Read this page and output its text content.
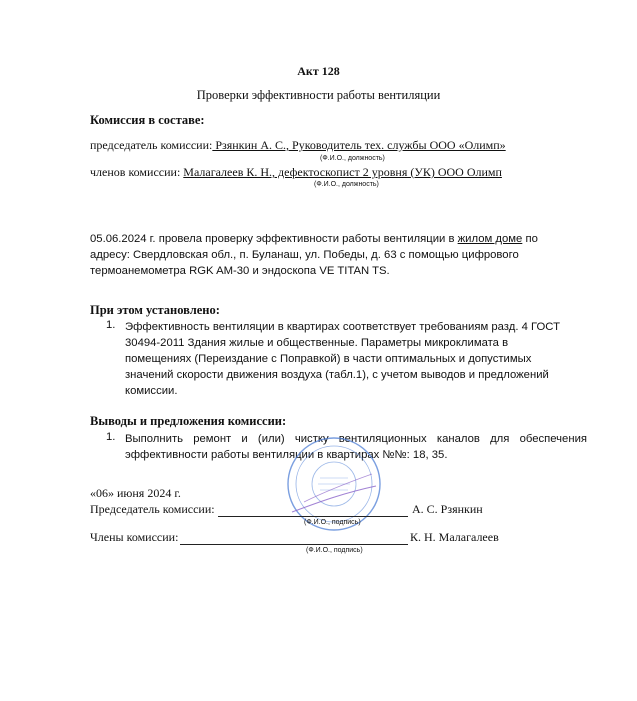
Акт 128
Проверки эффективности работы вентиляции
Комиссия в составе:
председатель комиссии: Рзянкин А. С., Руководитель тех. службы ООО «Олимп»
(Ф.И.О., должность)
членов комиссии: Малагалеев К. Н., дефектоскопист 2 уровня (УК) ООО Олимп
(Ф.И.О., должность)
05.06.2024 г. провела проверку эффективности работы вентиляции в жилом доме по
адресу: Свердловская обл., п. Буланаш, ул. Победы, д. 63 с помощью цифрового
термоанемометра RGK AM-30 и эндоскопа VE TITAN TS.
При этом установлено:
1. Эффективность вентиляции в квартирах соответствует требованиям разд. 4 ГОСТ
30494-2011 Здания жилые и общественные. Параметры микроклимата в
помещениях (Переиздание с Поправкой) в части оптимальных и допустимых
значений скорости движения воздуха (табл.1), с учетом выводов и предложений
комиссии.
Выводы и предложения комиссии:
1. Выполнить ремонт и (или) чистку вентиляционных каналов для обеспечения
эффективности работы вентиляции в квартирах №№: 18, 35.
«06» июня 2024 г.
Председатель комиссии:	А. С. Рзянкин
(Ф.И.О., подпись)
Члены комиссии:	К. Н. Малагалеев
(Ф.И.О., подпись)
